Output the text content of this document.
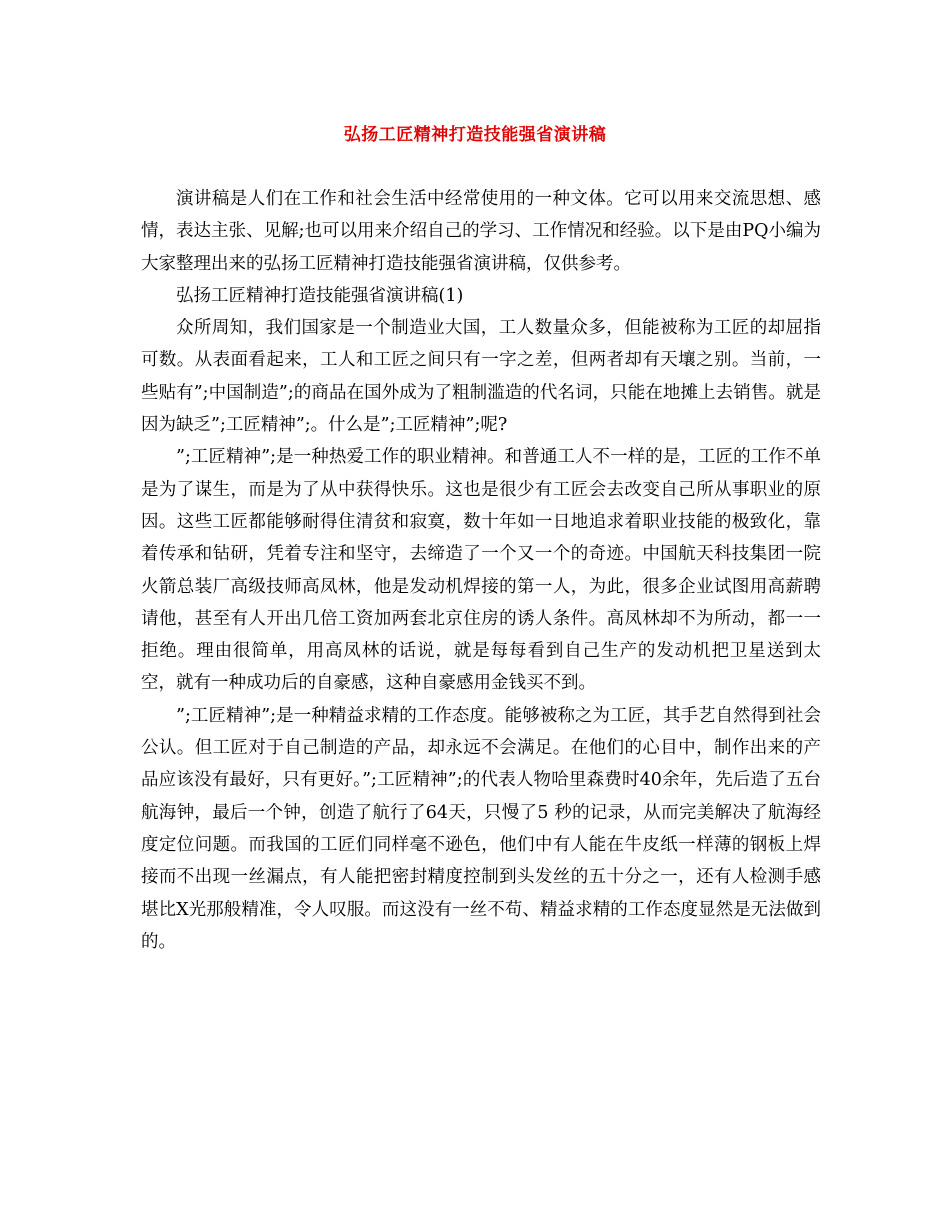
弘扬工匠精神打造技能强省演讲稿

演讲稿是人们在工作和社会生活中经常使用的一种文体。它可以用来交流思想、感情，表达主张、见解;也可以用来介绍自己的学习、工作情况和经验。以下是由PQ小编为大家整理出来的弘扬工匠精神打造技能强省演讲稿，仅供参考。

弘扬工匠精神打造技能强省演讲稿(1)

众所周知，我们国家是一个制造业大国，工人数量众多，但能被称为工匠的却屈指可数。从表面看起来，工人和工匠之间只有一字之差，但两者却有天壤之别。当前，一些贴有”;中国制造”;的商品在国外成为了粗制滥造的代名词，只能在地摊上去销售。就是因为缺乏”;工匠精神”;。什么是”;工匠精神”;呢?

”;工匠精神”;是一种热爱工作的职业精神。和普通工人不一样的是，工匠的工作不单是为了谋生，而是为了从中获得快乐。这也是很少有工匠会去改变自己所从事职业的原因。这些工匠都能够耐得住清贫和寂寞，数十年如一日地追求着职业技能的极致化，靠着传承和钻研，凭着专注和坚守，去缔造了一个又一个的奇迹。中国航天科技集团一院火箭总装厂高级技师高凤林，他是发动机焊接的第一人，为此，很多企业试图用高薪聘请他，甚至有人开出几倍工资加两套北京住房的诱人条件。高凤林却不为所动，都一一拒绝。理由很简单，用高凤林的话说，就是每每看到自己生产的发动机把卫星送到太空，就有一种成功后的自豪感，这种自豪感用金钱买不到。

”;工匠精神”;是一种精益求精的工作态度。能够被称之为工匠，其手艺自然得到社会公认。但工匠对于自己制造的产品，却永远不会满足。在他们的心目中，制作出来的产品应该没有最好，只有更好。”;工匠精神”;的代表人物哈里森费时40余年，先后造了五台航海钟，最后一个钟，创造了航行了64天，只慢了5 秒的记录，从而完美解决了航海经度定位问题。而我国的工匠们同样毫不逊色，他们中有人能在牛皮纸一样薄的钢板上焊接而不出现一丝漏点，有人能把密封精度控制到头发丝的五十分之一，还有人检测手感堪比X光那般精准，令人叹服。而这没有一丝不苟、精益求精的工作态度显然是无法做到的。
